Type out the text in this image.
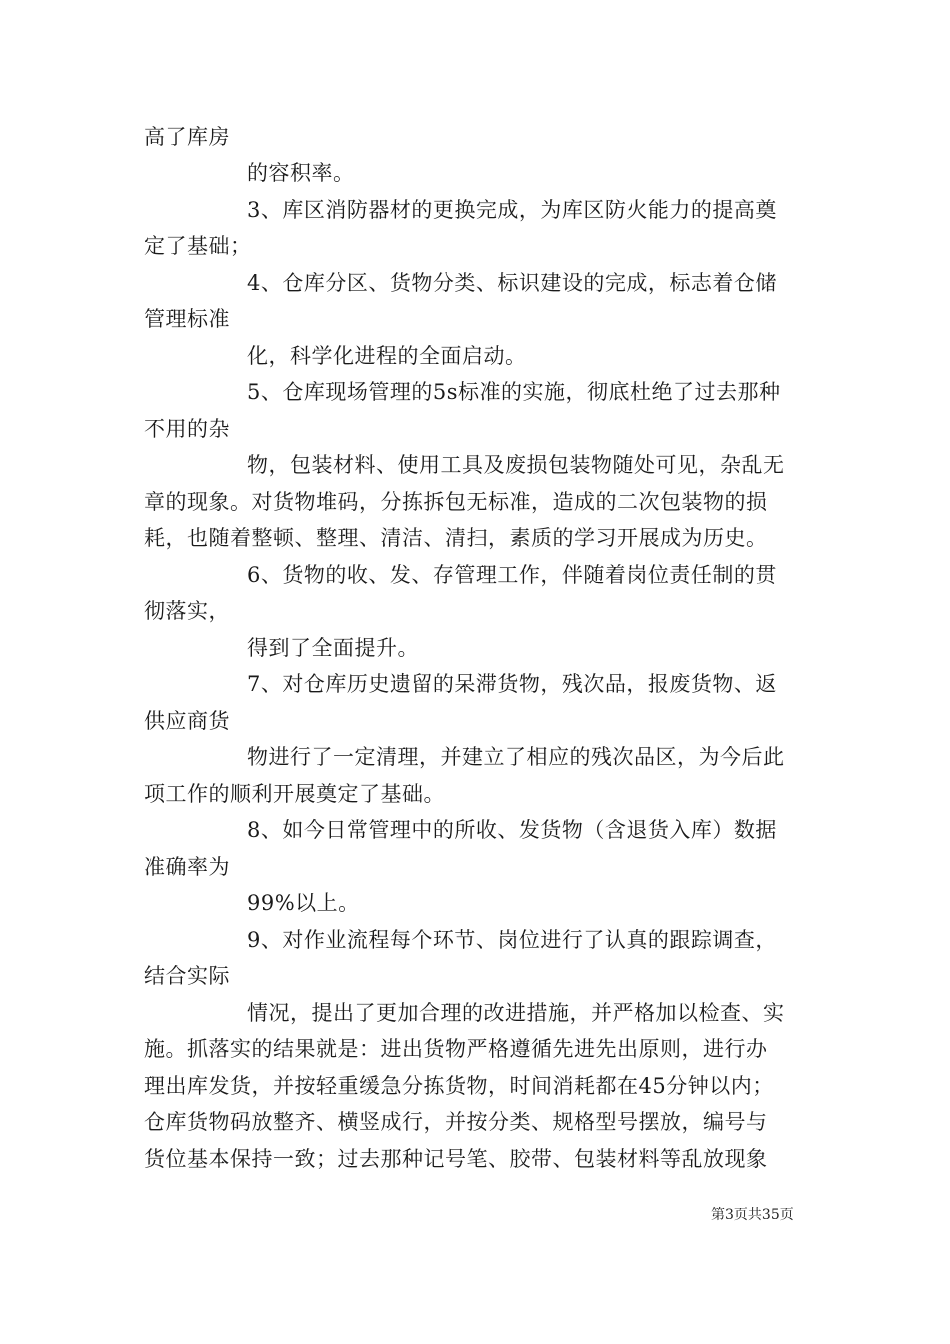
高了库房
的容积率。
3、库区消防器材的更换完成，为库区防火能力的提高奠
定了基础；
4、仓库分区、货物分类、标识建设的完成，标志着仓储
管理标准
化，科学化进程的全面启动。
5、仓库现场管理的5s标准的实施，彻底杜绝了过去那种
不用的杂
物，包装材料、使用工具及废损包装物随处可见，杂乱无
章的现象。对货物堆码，分拣拆包无标准，造成的二次包装物的损
耗，也随着整顿、整理、清洁、清扫，素质的学习开展成为历史。
6、货物的收、发、存管理工作，伴随着岗位责任制的贯
彻落实，
得到了全面提升。
7、对仓库历史遗留的呆滞货物，残次品，报废货物、返
供应商货
物进行了一定清理，并建立了相应的残次品区，为今后此
项工作的顺利开展奠定了基础。
8、如今日常管理中的所收、发货物（含退货入库）数据
准确率为
99%以上。
9、对作业流程每个环节、岗位进行了认真的跟踪调查，
结合实际
情况，提出了更加合理的改进措施，并严格加以检查、实
施。抓落实的结果就是：进出货物严格遵循先进先出原则，进行办
理出库发货，并按轻重缓急分拣货物，时间消耗都在45分钟以内；
仓库货物码放整齐、横竖成行，并按分类、规格型号摆放，编号与
货位基本保持一致；过去那种记号笔、胶带、包装材料等乱放现象
第3页共35页
